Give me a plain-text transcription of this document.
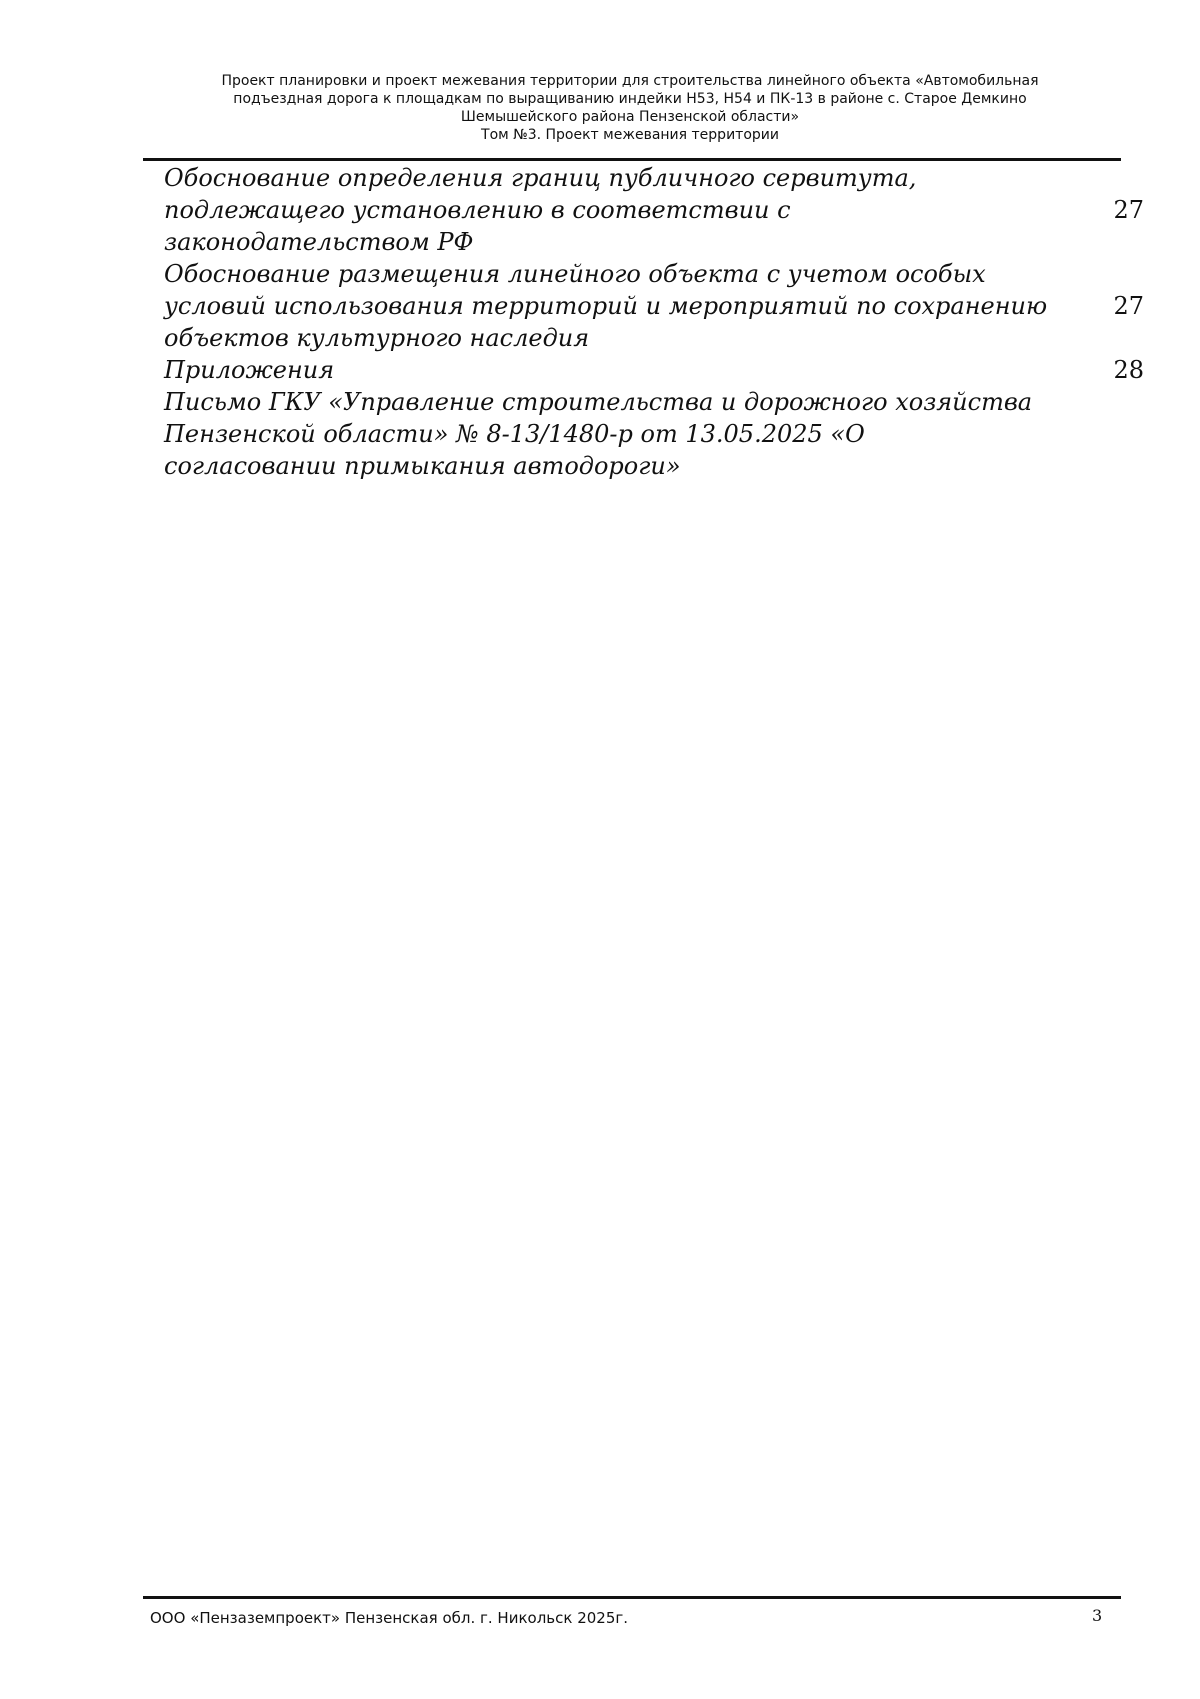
Проект планировки и проект межевания территории для строительства линейного объекта «Автомобильная
подъездная дорога к площадкам по выращиванию индейки Н53, Н54 и ПК-13 в районе с. Старое Демкино
Шемышейского района Пензенской области»
Том №3. Проект межевания территории
Обоснование определения границ публичного сервитута,
подлежащего установлению в соответствии с
законодательством РФ
27
Обоснование размещения линейного объекта с учетом особых
условий использования территорий и мероприятий по сохранению
объектов культурного наследия
27
Приложения	28
Письмо ГКУ «Управление строительства и дорожного хозяйства
Пензенской области» № 8-13/1480-р от 13.05.2025 «О
согласовании примыкания автодороги»
ООО «Пензаземпроект» Пензенская обл. г. Никольск 2025г.	3
